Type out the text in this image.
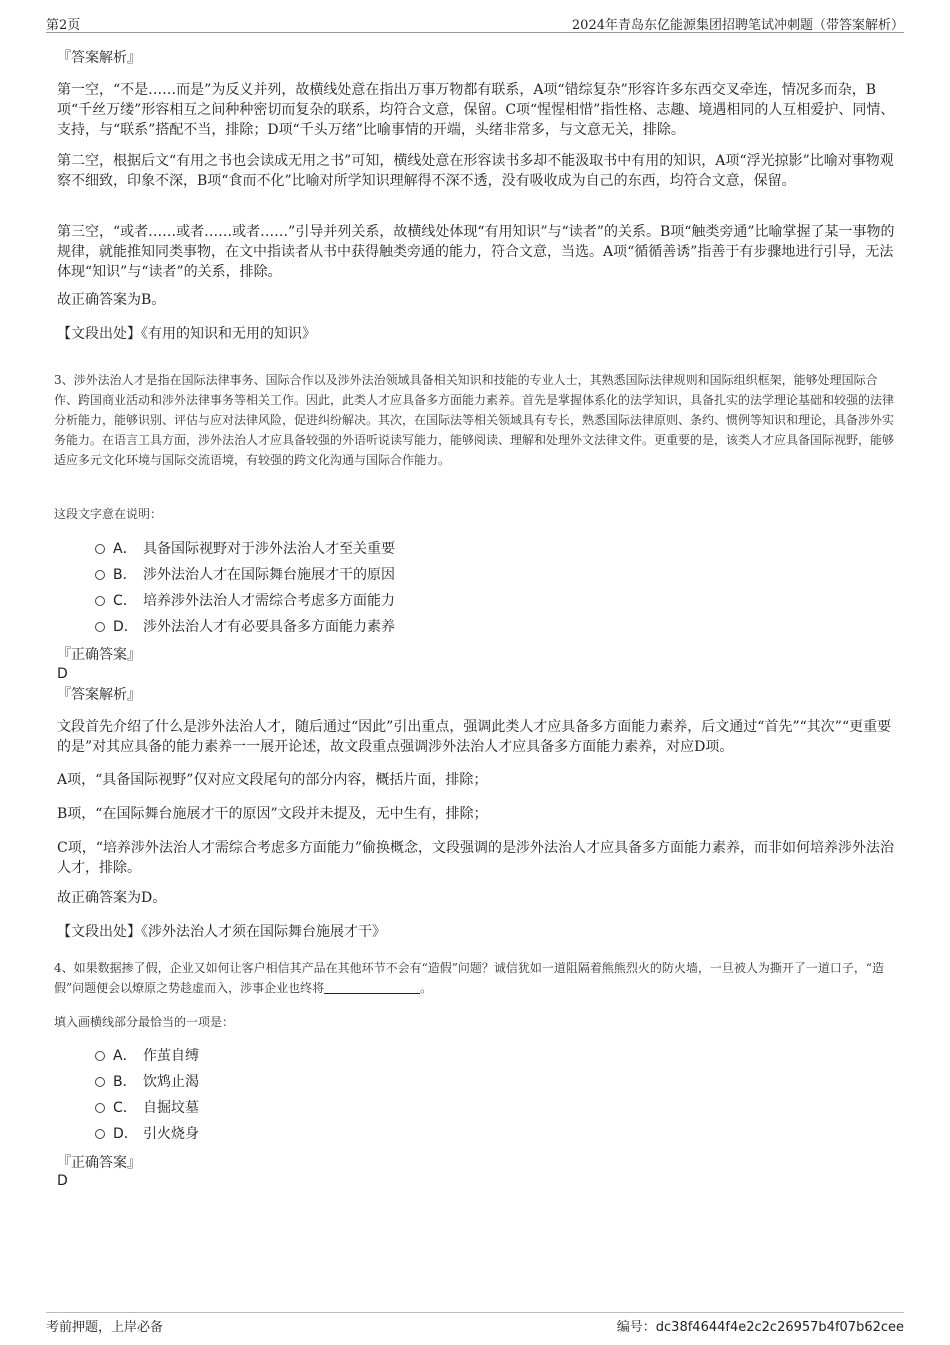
第2页	2024年青岛东亿能源集团招聘笔试冲刺题（带答案解析）
『答案解析』
第一空，“不是……而是”为反义并列，故横线处意在指出万事万物都有联系，A项“错综复杂”形容许多东西交叉牵连，情况多而杂，B项“千丝万缕”形容相互之间种种密切而复杂的联系，均符合文意，保留。C项“惺惺相惜”指性格、志趣、境遇相同的人互相爱护、同情、支持，与“联系”搭配不当，排除；D项“千头万绪”比喻事情的开端，头绪非常多，与文意无关，排除。
第二空，根据后文“有用之书也会读成无用之书”可知，横线处意在形容读书多却不能汲取书中有用的知识，A项“浮光掠影”比喻对事物观察不细致，印象不深，B项“食而不化”比喻对所学知识理解得不深不透，没有吸收成为自己的东西，均符合文意，保留。
第三空，“或者……或者……或者……”引导并列关系，故横线处体现“有用知识”与“读者”的关系。B项“触类旁通”比喻掌握了某一事物的规律，就能推知同类事物，在文中指读者从书中获得触类旁通的能力，符合文意，当选。A项“循循善诱”指善于有步骤地进行引导，无法体现“知识”与“读者”的关系，排除。
故正确答案为B。
【文段出处】《有用的知识和无用的知识》
3、涉外法治人才是指在国际法律事务、国际合作以及涉外法治领域具备相关知识和技能的专业人士，其熟悉国际法律规则和国际组织框架，能够处理国际合作、跨国商业活动和涉外法律事务等相关工作。因此，此类人才应具备多方面能力素养。首先是掌握体系化的法学知识，具备扎实的法学理论基础和较强的法律分析能力，能够识别、评估与应对法律风险，促进纠纷解决。其次，在国际法等相关领域具有专长，熟悉国际法律原则、条约、惯例等知识和理论，具备涉外实务能力。在语言工具方面，涉外法治人才应具备较强的外语听说读写能力，能够阅读、理解和处理外文法律文件。更重要的是，该类人才应具备国际视野，能够适应多元文化环境与国际交流语境，有较强的跨文化沟通与国际合作能力。
这段文字意在说明：
A． 具备国际视野对于涉外法治人才至关重要
B． 涉外法治人才在国际舞台施展才干的原因
C． 培养涉外法治人才需综合考虑多方面能力
D． 涉外法治人才有必要具备多方面能力素养
『正确答案』
D
『答案解析』
文段首先介绍了什么是涉外法治人才，随后通过“因此”引出重点，强调此类人才应具备多方面能力素养，后文通过“首先”“其次”“更重要的是”对其应具备的能力素养一一展开论述，故文段重点强调涉外法治人才应具备多方面能力素养，对应D项。
A项，“具备国际视野”仅对应文段尾句的部分内容，概括片面，排除；
B项，“在国际舞台施展才干的原因”文段并未提及，无中生有，排除；
C项，“培养涉外法治人才需综合考虑多方面能力”偷换概念，文段强调的是涉外法治人才应具备多方面能力素养，而非如何培养涉外法治人才，排除。
故正确答案为D。
【文段出处】《涉外法治人才须在国际舞台施展才干》
4、如果数据掺了假，企业又如何让客户相信其产品在其他环节不会有“造假”问题？诚信犹如一道阻隔着熊熊烈火的防火墙，一旦被人为撕开了一道口子，“造假”问题便会以燎原之势趁虚而入，涉事企业也终将	。
填入画横线部分最恰当的一项是：
A． 作茧自缚
B． 饮鸩止渴
C． 自掘坟墓
D． 引火烧身
『正确答案』
D
考前押题，上岸必备	编号：dc38f4644f4e2c2c26957b4f07b62cee
